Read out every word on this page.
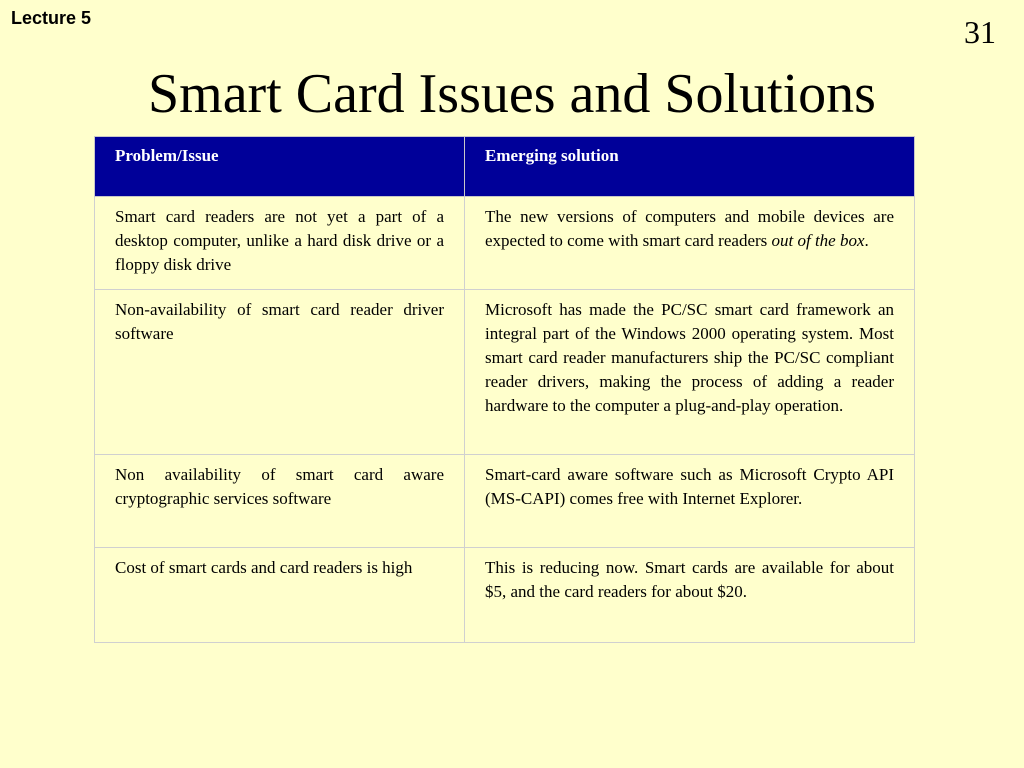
Lecture 5	31
Smart Card Issues and Solutions
Problem/Issue	Emerging solution

Smart card readers are not yet a part of a desktop computer, unlike a hard disk drive or a floppy disk drive	The new versions of computers and mobile devices are expected to come with smart card readers out of the box.

Non-availability of smart card reader driver software	Microsoft has made the PC/SC smart card framework an integral part of the Windows 2000 operating system. Most smart card reader manufacturers ship the PC/SC compliant reader drivers, making the process of adding a reader hardware to the computer a plug-and-play operation.

Non availability of smart card aware cryptographic services software	Smart-card aware software such as Microsoft Crypto API (MS-CAPI) comes free with Internet Explorer.

Cost of smart cards and card readers is high	This is reducing now. Smart cards are available for about $5, and the card readers for about $20.
